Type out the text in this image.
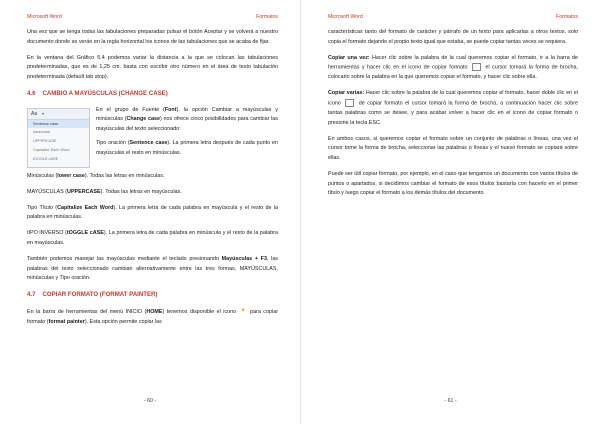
Microsoft Word	Formatos

Una vez que se tenga todas las tabulaciones preparadas pulsar el botón Aceptar y se volverá a nuestro documento donde se verán en la regla horizontal los iconos de las tabulaciones que se acaba de fijar.

En la ventana del Gráfico 5.4 podemos variar la distancia a la que se colocan las tabulaciones predeterminadas, que es de 1,25 cm. basta con escribir otro número en el área de texto tabulación predeterminada (default tab stop).

4.6 CAMBIO A MAYÚSCULAS (CHANGE CASE)
Aa ▾
Sentence case.
lowercase
UPPERCASE
Capitalize Each Word
tOGGLE cASE

En el grupo de Fuente (Font), la opción Cambiar a mayúsculas y minúsculas (Change case) nos ofrece cinco posibilidades para cambiar las mayúsculas del texto seleccionado:

Tipo oración (Sentence case). La primera letra después de cada punto en mayúsculas el resto en minúsculas.

Minúsculas (lower case). Todas las letras en minúsculas.

MAYÚSCULAS (UPPERCASE). Todas las letras en mayúsculas.

Tipo Título (Capitalize Each Word). La primera letra de cada palabra en mayúscula y el resto de la palabra en minúsculas.

tIPO iNVERSO (tOGGLE cASE). La primera letra de cada palabra en minúscula y el resto de la palabra en mayúsculas.

También podemos manejar las mayúsculas mediante el teclado presionando Mayúsculas + F3, las palabras del texto seleccionado cambian alternativamente entre las tres formas, MAYÚSCULAS, minúsculas y Tipo oración.

4.7 COPIAR FORMATO (FORMAT PAINTER)

En la barra de herramientas del menú INICIO (HOME) tenemos disponible el icono ✦ para copiar formato (format painter). Esta opción permite copiar las

- 60 -
Microsoft Word	Formatos

características tanto del formato de carácter y párrafo de un texto para aplicarlas a otros textos, solo copia el formato dejando el propio texto igual que estaba, se puede copiar tantas veces se requiera.

Copiar una vez: Hacer clic sobre la palabra de la cual queremos copiar el formato, ir a la barra de herramientas y hacer clic en el icono de copiar formato  el cursor tomará la forma de brocha, colocarlo sobre la palabra en la que queremos copiar el formato, y hacer clic sobre ella.

Copiar varias: Hacer clic sobre la palabra de la cual queremos copiar el formato, hacer doble clic en el icono  de copiar formato el cursor tomará la forma de brocha, a continuación hacer clic sobre tantas palabras como se desee, y para acabar volver a hacer clic en el icono de copiar formato o presione la tecla ESC.

En ambos casos, si queremos copiar el formato sobre un conjunto de palabras o líneas, una vez el cursor tome la forma de brocha, seleccionar las palabras o líneas y el nuevo formato se copiará sobre ellas.

Puede ser útil copiar formato, por ejemplo, en el caso que tengamos un documento con varios títulos de puntos o apartados, si decidimos cambiar el formato de esos títulos bastaría con hacerlo en el primer título y luego copiar el formato a los demás títulos del documento.

- 61 -
